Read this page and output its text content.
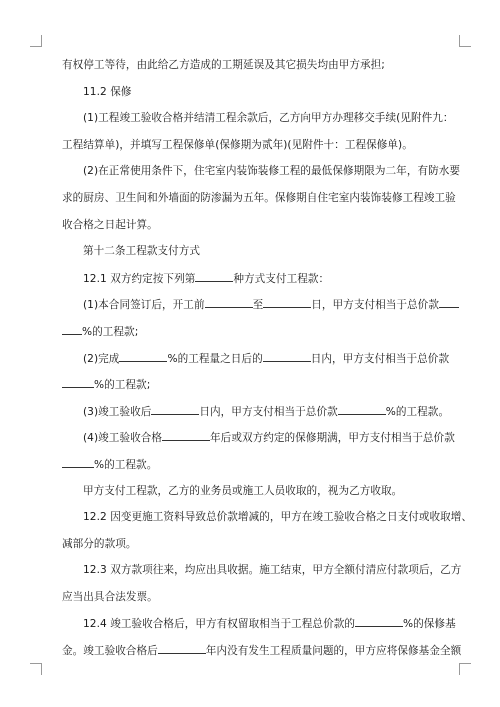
有权停工等待，由此给乙方造成的工期延误及其它损失均由甲方承担;
11.2 保修
(1)工程竣工验收合格并结清工程余款后，乙方向甲方办理移交手续(见附件九：
工程结算单)，并填写工程保修单(保修期为贰年)(见附件十：工程保修单)。
(2)在正常使用条件下，住宅室内装饰装修工程的最低保修期限为二年，有防水要
求的厨房、卫生间和外墙面的防渗漏为五年。保修期自住宅室内装饰装修工程竣工验
收合格之日起计算。
第十二条工程款支付方式
12.1 双方约定按下列第	种方式支付工程款：
(1)本合同签订后，开工前	至	日，甲方支付相当于总价款
%的工程款;
(2)完成	%的工程量之日后的	日内，甲方支付相当于总价款
%的工程款;
(3)竣工验收后	日内，甲方支付相当于总价款	%的工程款。
(4)竣工验收合格	年后或双方约定的保修期满，甲方支付相当于总价款
%的工程款。
甲方支付工程款，乙方的业务员或施工人员收取的，视为乙方收取。
12.2 因变更施工资料导致总价款增减的，甲方在竣工验收合格之日支付或收取增、
减部分的款项。
12.3 双方款项往来，均应出具收据。施工结束，甲方全额付清应付款项后，乙方
应当出具合法发票。
12.4 竣工验收合格后，甲方有权留取相当于工程总价款的	%的保修基
金。竣工验收合格后	年内没有发生工程质量问题的，甲方应将保修基金全额
